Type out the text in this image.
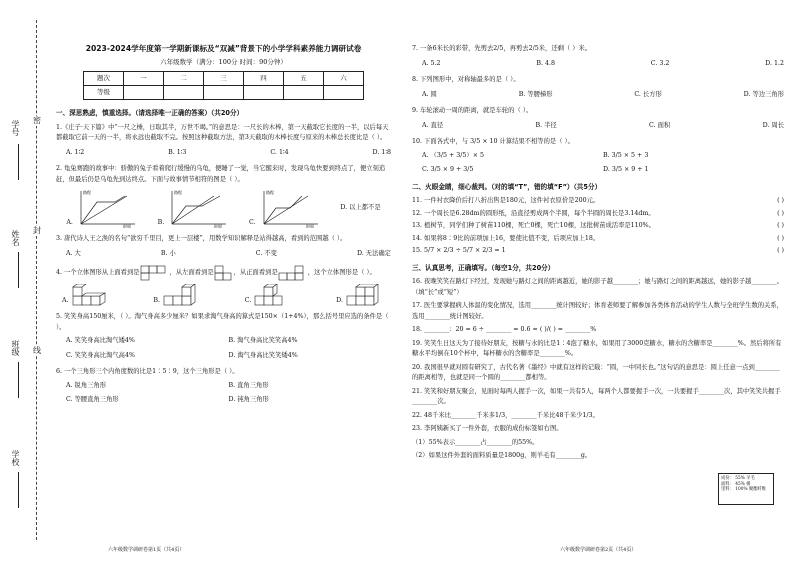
学号
姓名
班级
学校
密
封
线
2023-2024学年度第一学期新课标及“双减”背景下的小学学科素养能力调研试卷
六年级数学（满分：100分 时间：90分钟）
题次	一	二	三	四	五	六
等级						
一、深思熟虑，慎重选择。（请选择唯一正确的答案）（共20分）
1.《庄子·天下篇》中“一尺之棰，日取其半，万世不竭。”的意思是：一尺长的木棒，第一天截取它长度的一半，以后每天都截取它前一天的一半，将永远也截取不完。按照这种截取方法，第3天截取的木棒长度与原来的木棒总长度比是（ ）。
A. 1∶2	B. 1∶3	C. 1∶4	D. 1∶8
2. 龟兔赛跑的故事中：骄傲的兔子看着爬行缓慢的乌龟，便睡了一觉，当它醒来时，发现乌龟快要到终点了，便立刻追赶，但最后仍是乌龟先到达终点。下面与故事情节相符的图是（ ）。
A.
路程
时间
B.
路程
时间
C.
路程
时间
D. 以上都不是
3. 唐代诗人王之涣的名句“欲穷千里目，更上一层楼”，用数学知识解释是站得越高，看到的范围越（ ）。
A. 大	B. 小	C. 不变	D. 无法确定
4. 一个立体图形从上面看到是	，从左面看到是	，从正面看到是	，这个立体图形是（ ）。
A.	B.	C.	D.
5. 笑笑身高150厘米，（ ）。淘气身高多少厘米？如果求淘气身高的算式是150×（1+4%），那么括号里应选的条件是（ ）。
A. 笑笑身高比淘气矮4%	B. 淘气身高比笑笑高4%
C. 笑笑身高比淘气高4%	D. 淘气身高比笑笑矮4%
6. 一个三角形三个内角度数的比是1∶5∶9，这个三角形是（ ）。
A. 锐角三角形	B. 直角三角形
C. 等腰直角三角形	D. 钝角三角形
六年级数学调研卷第1页（共4页）
7. 一条6米长的彩带，先剪去2/5，再剪去2/5米，还剩（ ）米。
A. 5.2	B. 4.8	C. 3.2	D. 1.2
8. 下列图形中，对称轴最多的是（ ）。
A. 圆	B. 等腰梯形	C. 长方形	D. 等边三角形
9. 车轮滚动一周的距离，就是车轮的（ ）。
A. 直径	B. 半径	C. 面积	D. 周长
10. 下面各式中，与 3/5 × 10 计算结果不相等的是（ ）。
A. （3/5 + 3/5）× 5	B. 3/5 × 5 + 3
C. 3/5 × 9 + 3/5	D. 3/5 × 9 + 1
二、火眼金睛，细心裁判。（对的填“T”，错的填“F”）（共5分）
11. 一件衬衣降价后打八折出售是180元，这件衬衣原价是200元。	( )
12. 一个周长是6.28dm的圆形纸，沿直径剪成两个半圆，每个半圆的周长是3.14dm。	( )
13. 植树节，同学们种了树苗110棵，死亡0棵，死亡10棵，这批树苗成活率是110%。	( )
14. 如果将8∶9比的前项加上16，要使比值不变，后项应加上18。	( )
15. 5/7 × 2/3 ÷ 5/7 × 2/3 = 1	( )
三、认真思考，正确填写。（每空1分，共20分）
16. 夜晚笑笑在路灯下经过，发现她与路灯之间的距离越近，她的影子越________；她与路灯之间的距离越远，她的影子越________。（填“长”或“短”）
17. 医生要掌握病人体温的变化情况，选用________统计图较好；体育老师要了解参加各类体育活动的学生人数与全班学生数的关系，选用________统计图较好。
18. ________：20 = 6 ÷ ________ = 0.6 = ( )/( ) = ________%
19. 笑笑生日这天为了接待好朋友，按糖与水的比是1∶4泡了糖水，如果用了3000克糖水，糖水的含糖率是________%。然后将所有糖水平均倒在10个杯中，每杯糖水的含糖率是________%。
20. 我国很早就对圆有研究了，古代名著《墨经》中就有这样的记载：“圆，一中同长也。”这句话的意思是：圆上任意一点到________的距离相等，也就是同一个圆的________都相等。
21. 笑笑和好朋友聚会，见面时每两人握手一次，如果一共有5人，每两个人都要握手一次，一共要握手________次，其中笑笑共握手________次。
22. 48千米比________千米多1/3，________千米比48千米少1/3。
23. 李阿姨新买了一件外套，衣服的成份标签如右图。
（1）55%表示________占________的55%。
（2）如果这件外套的面料质量是1800g，则羊毛有________g。
成份： 55% 羊毛
面料： 45% 棉
里料： 100% 聚酯纤维
六年级数学调研卷第2页（共4页）
